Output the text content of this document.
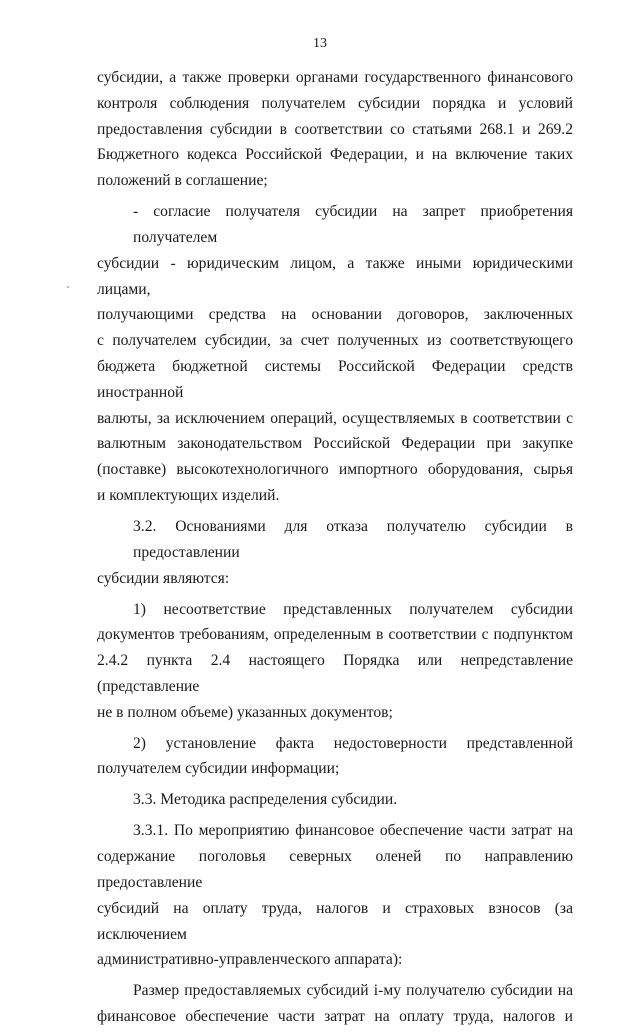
13
субсидии, а также проверки органами государственного финансового
контроля соблюдения получателем субсидии порядка и условий
предоставления субсидии в соответствии со статьями 268.1 и 269.2
Бюджетного кодекса Российской Федерации, и на включение таких
положений в соглашение;
- согласие получателя субсидии на запрет приобретения получателем
субсидии - юридическим лицом, а также иными юридическими лицами,
получающими средства на основании договоров, заключенных
с получателем субсидии, за счет полученных из соответствующего
бюджета бюджетной системы Российской Федерации средств иностранной
валюты, за исключением операций, осуществляемых в соответствии с
валютным законодательством Российской Федерации при закупке
(поставке) высокотехнологичного импортного оборудования, сырья
и комплектующих изделий.
3.2. Основаниями для отказа получателю субсидии в предоставлении
субсидии являются:
1) несоответствие представленных получателем субсидии
документов требованиям, определенным в соответствии с подпунктом
2.4.2 пункта 2.4 настоящего Порядка или непредставление (представление
не в полном объеме) указанных документов;
2) установление факта недостоверности представленной
получателем субсидии информации;
3.3. Методика распределения субсидии.
3.3.1. По мероприятию финансовое обеспечение части затрат на
содержание поголовья северных оленей по направлению предоставление
субсидий на оплату труда, налогов и страховых взносов (за исключением
административно-управленческого аппарата):
Размер предоставляемых субсидий i-му получателю субсидии на
финансовое обеспечение части затрат на оплату труда, налогов и
